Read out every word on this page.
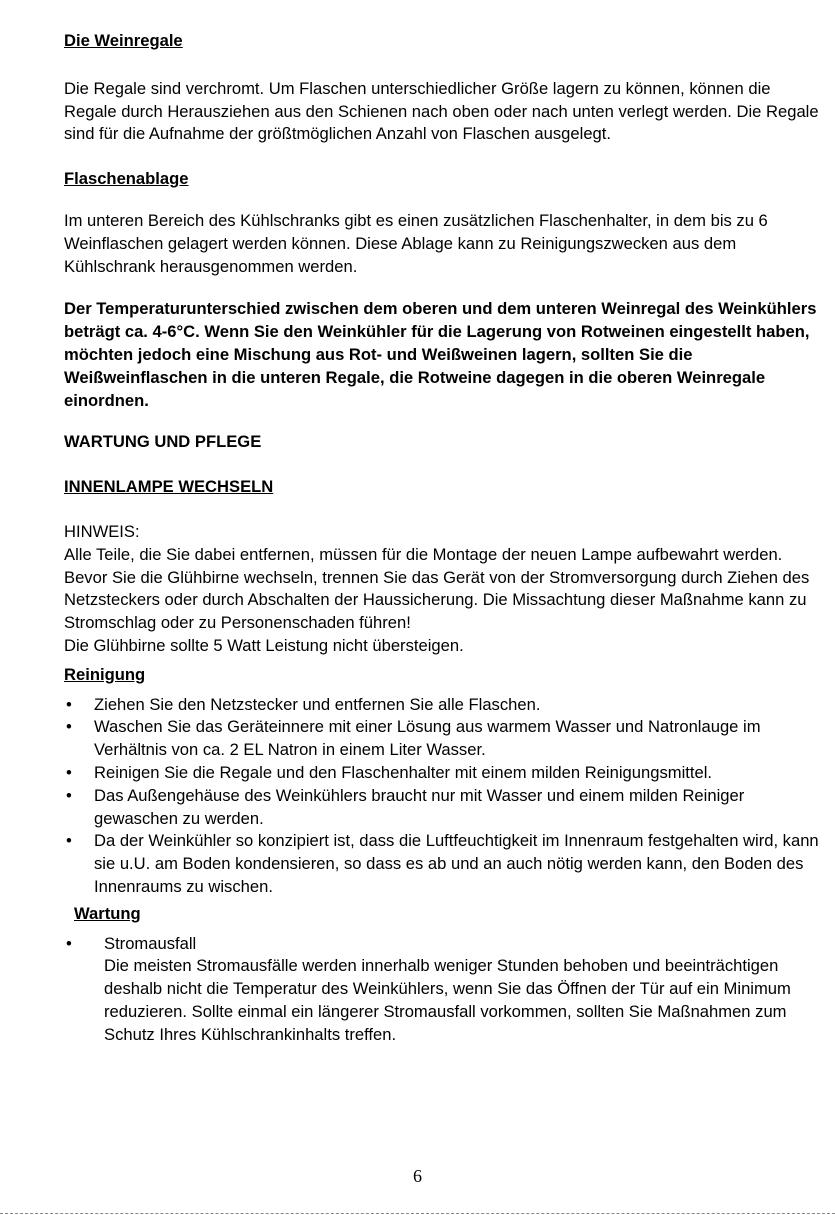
Die Weinregale

Die Regale sind verchromt. Um Flaschen unterschiedlicher Größe lagern zu können, können die Regale durch Herausziehen aus den Schienen nach oben oder nach unten verlegt werden. Die Regale sind für die Aufnahme der größtmöglichen Anzahl von Flaschen ausgelegt.

Flaschenablage

Im unteren Bereich des Kühlschranks gibt es einen zusätzlichen Flaschenhalter, in dem bis zu 6 Weinflaschen gelagert werden können. Diese Ablage kann zu Reinigungszwecken aus dem Kühlschrank herausgenommen werden.

Der Temperaturunterschied zwischen dem oberen und dem unteren Weinregal des Weinkühlers beträgt ca. 4-6°C. Wenn Sie den Weinkühler für die Lagerung von Rotweinen eingestellt haben, möchten jedoch eine Mischung aus Rot- und Weißweinen lagern, sollten Sie die Weißweinflaschen in die unteren Regale, die Rotweine dagegen in die oberen Weinregale einordnen.

WARTUNG UND PFLEGE
INNENLAMPE WECHSELN

HINWEIS:

Alle Teile, die Sie dabei entfernen, müssen für die Montage der neuen Lampe aufbewahrt werden. Bevor Sie die Glühbirne wechseln, trennen Sie das Gerät von der Stromversorgung durch Ziehen des Netzsteckers oder durch Abschalten der Haussicherung. Die Missachtung dieser Maßnahme kann zu Stromschlag oder zu Personenschaden führen!

Die Glühbirne sollte 5 Watt Leistung nicht übersteigen.

Reinigung
• Ziehen Sie den Netzstecker und entfernen Sie alle Flaschen.
• Waschen Sie das Geräteinnere mit einer Lösung aus warmem Wasser und Natronlauge im Verhältnis von ca. 2 EL Natron in einem Liter Wasser.
• Reinigen Sie die Regale und den Flaschenhalter mit einem milden Reinigungsmittel.
• Das Außengehäuse des Weinkühlers braucht nur mit Wasser und einem milden Reiniger gewaschen zu werden.
• Da der Weinkühler so konzipiert ist, dass die Luftfeuchtigkeit im Innenraum festgehalten wird, kann sie u.U. am Boden kondensieren, so dass es ab und an auch nötig werden kann, den Boden des Innenraums zu wischen.
Wartung
• Stromausfall
Die meisten Stromausfälle werden innerhalb weniger Stunden behoben und beeinträchtigen deshalb nicht die Temperatur des Weinkühlers, wenn Sie das Öffnen der Tür auf ein Minimum reduzieren. Sollte einmal ein längerer Stromausfall vorkommen, sollten Sie Maßnahmen zum Schutz Ihres Kühlschrankinhalts treffen.
6
